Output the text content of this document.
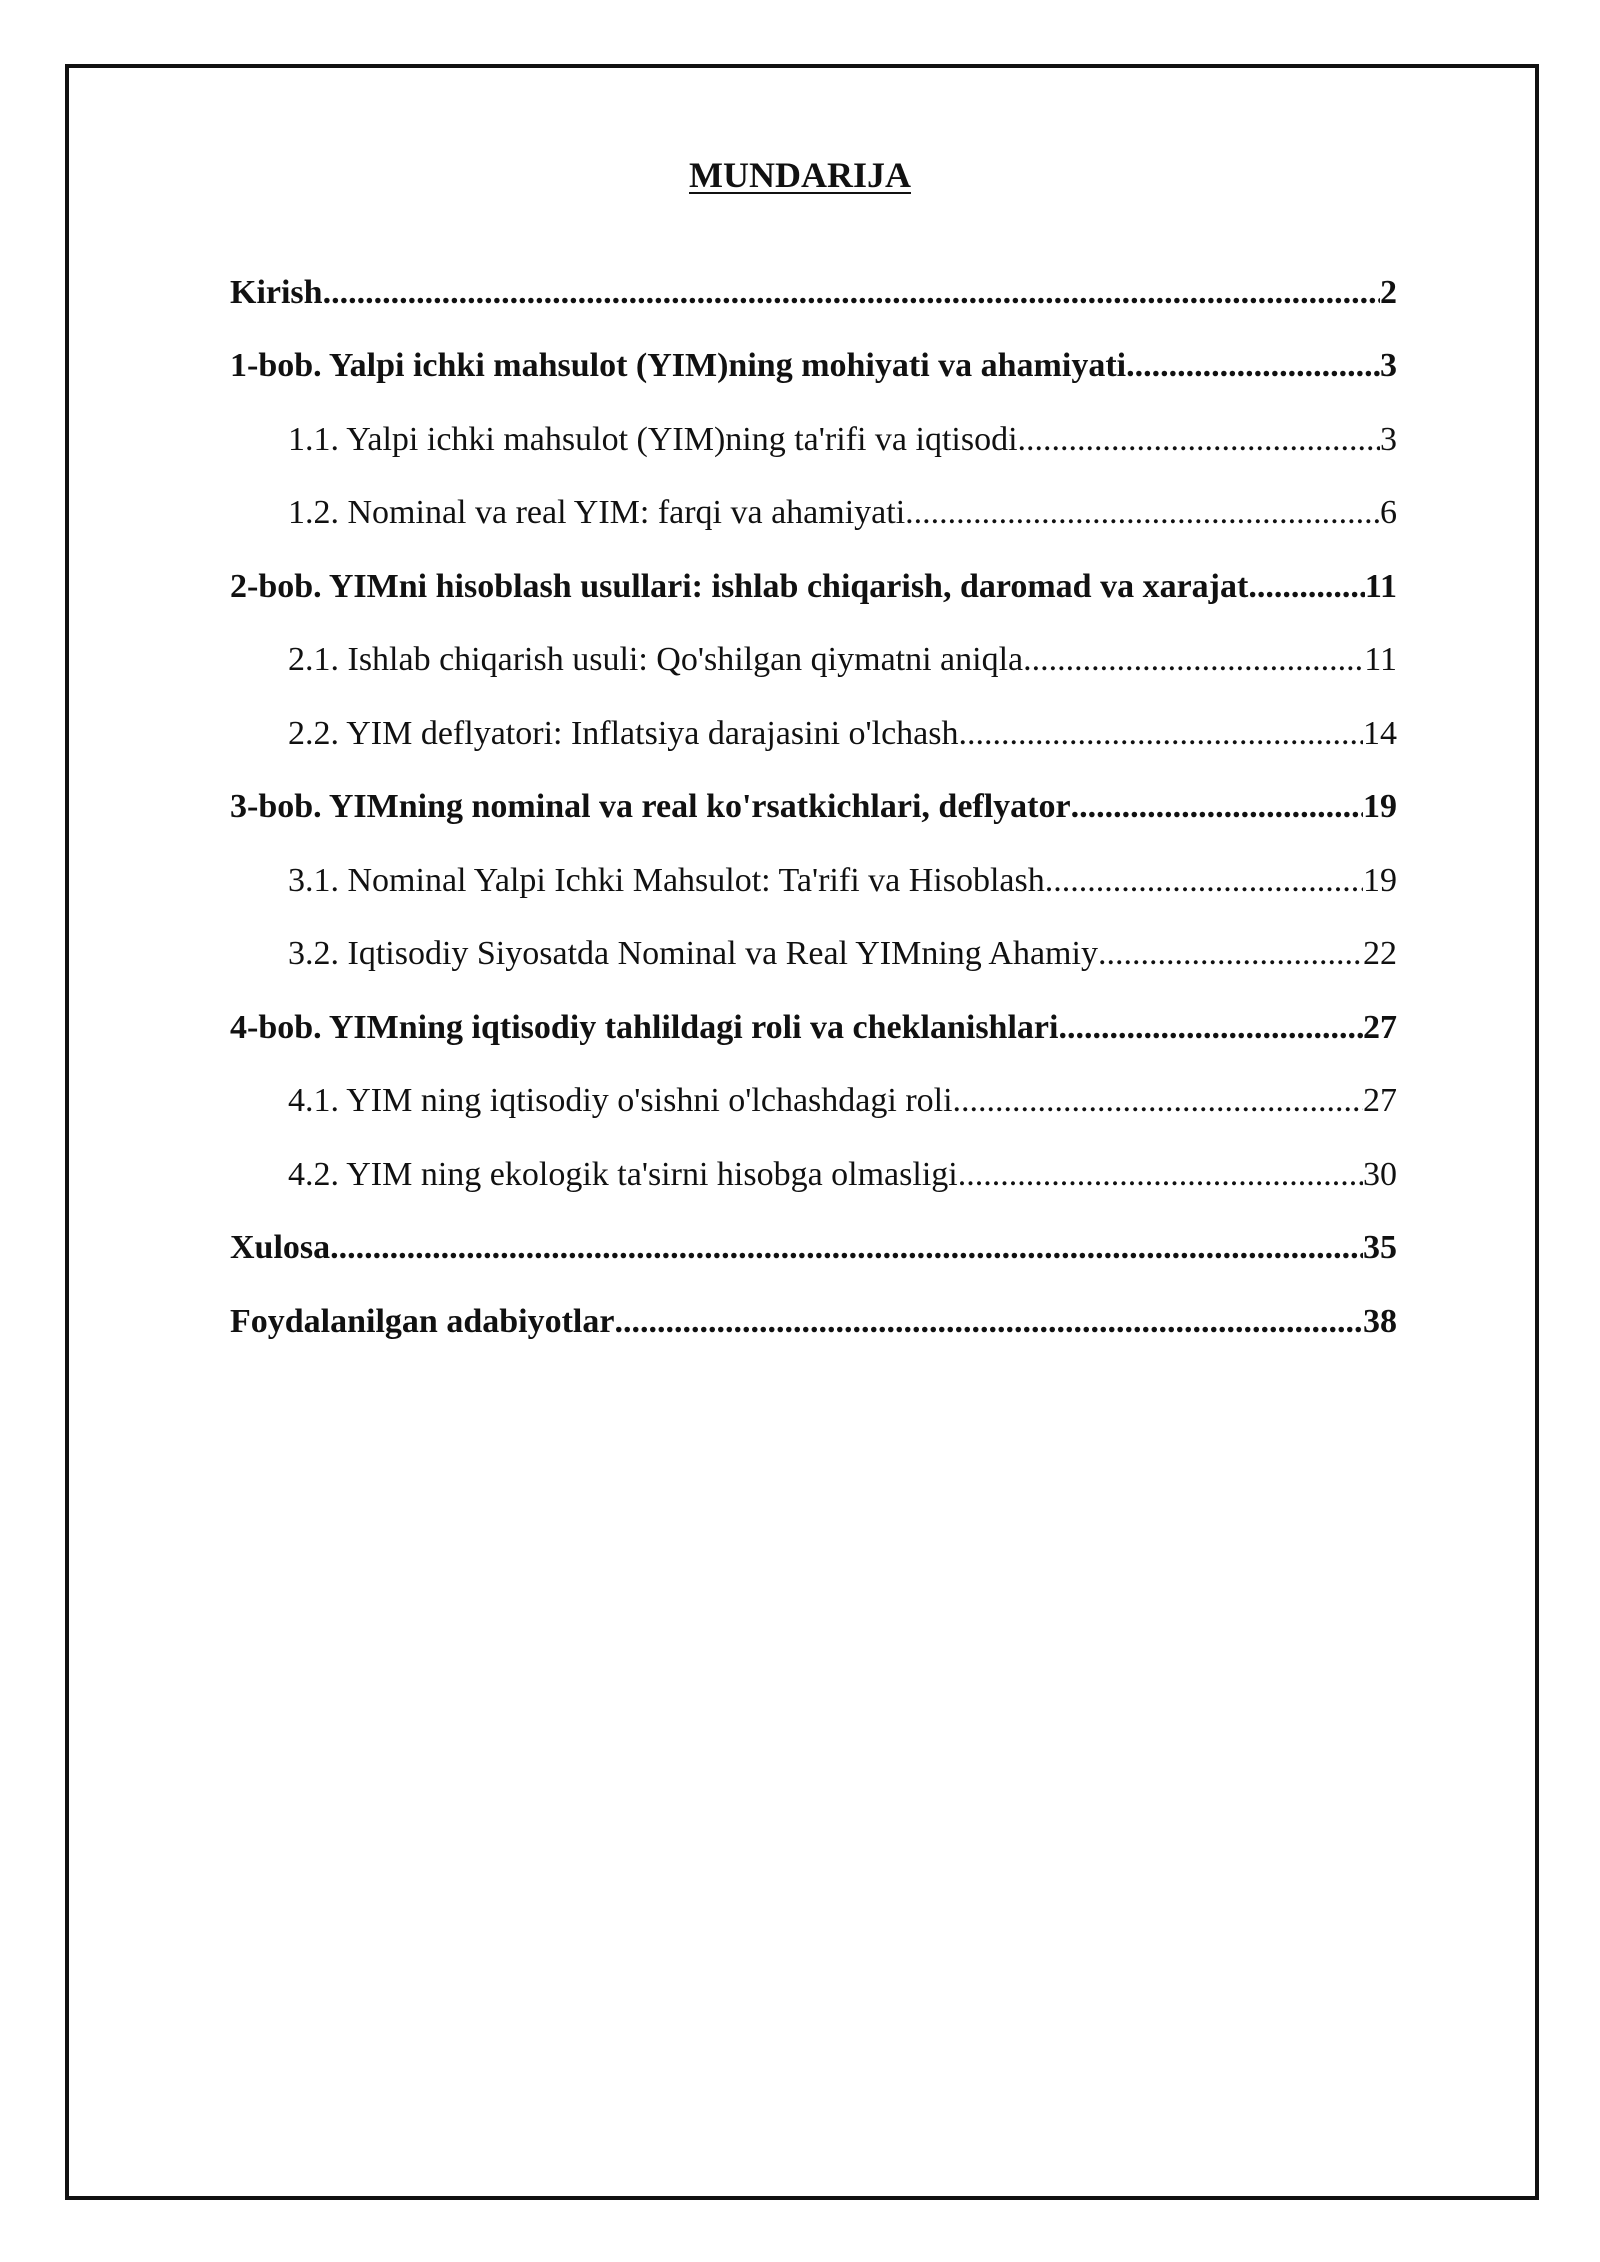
MUNDARIJA
Kirish .....	2
1-bob. Yalpi ichki mahsulot (YIM)ning mohiyati va ahamiyati .....	3
1.1. Yalpi ichki mahsulot (YIM)ning ta'rifi va iqtisodi .....	3
1.2. Nominal va real YIM: farqi va ahamiyati .....	6
2-bob. YIMni hisoblash usullari: ishlab chiqarish, daromad va xarajat .....	11
2.1. Ishlab chiqarish usuli: Qo'shilgan qiymatni aniqla .....	11
2.2. YIM deflyatori: Inflatsiya darajasini o'lchash .....	14
3-bob. YIMning nominal va real ko'rsatkichlari, deflyator .....	19
3.1. Nominal Yalpi Ichki Mahsulot: Ta'rifi va Hisoblash .....	19
3.2. Iqtisodiy Siyosatda Nominal va Real YIMning Ahamiy .....	22
4-bob. YIMning iqtisodiy tahlildagi roli va cheklanishlari .....	27
4.1. YIM ning iqtisodiy o'sishni o'lchashdagi roli .....	27
4.2. YIM ning ekologik ta'sirni hisobga olmasligi .....	30
Xulosa .....	35
Foydalanilgan adabiyotlar .....	38
